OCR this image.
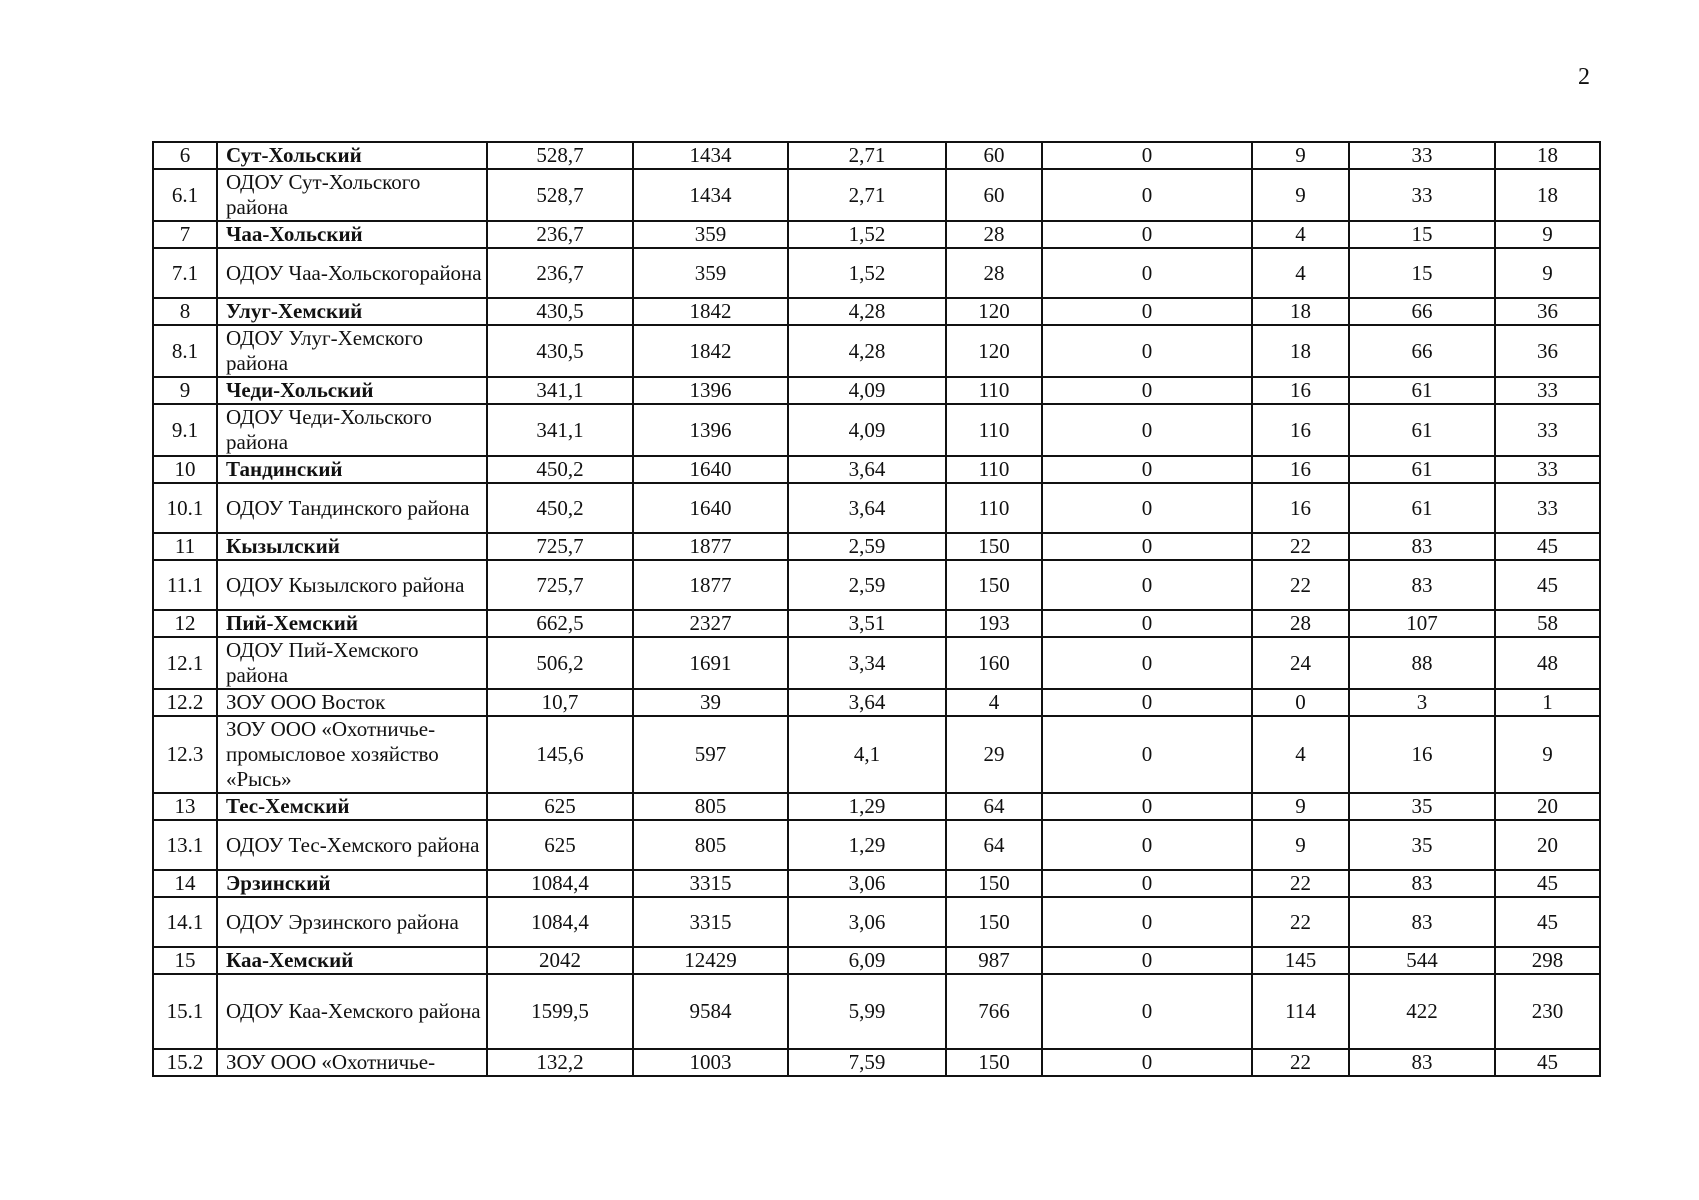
2
6	Сут-Хольский	528,7	1434	2,71	60	0	9	33	18
6.1	ОДОУ Сут-Хольского района	528,7	1434	2,71	60	0	9	33	18
7	Чаа-Хольский	236,7	359	1,52	28	0	4	15	9
7.1	ОДОУ Чаа-Хольскогорайона	236,7	359	1,52	28	0	4	15	9
8	Улуг-Хемский	430,5	1842	4,28	120	0	18	66	36
8.1	ОДОУ Улуг-Хемского района	430,5	1842	4,28	120	0	18	66	36
9	Чеди-Хольский	341,1	1396	4,09	110	0	16	61	33
9.1	ОДОУ Чеди-Хольского района	341,1	1396	4,09	110	0	16	61	33
10	Тандинский	450,2	1640	3,64	110	0	16	61	33
10.1	ОДОУ Тандинского района	450,2	1640	3,64	110	0	16	61	33
11	Кызылский	725,7	1877	2,59	150	0	22	83	45
11.1	ОДОУ Кызылского района	725,7	1877	2,59	150	0	22	83	45
12	Пий-Хемский	662,5	2327	3,51	193	0	28	107	58
12.1	ОДОУ Пий-Хемского района	506,2	1691	3,34	160	0	24	88	48
12.2	ЗОУ ООО Восток	10,7	39	3,64	4	0	0	3	1
12.3	ЗОУ ООО «Охотничье-промысловое хозяйство «Рысь»	145,6	597	4,1	29	0	4	16	9
13	Тес-Хемский	625	805	1,29	64	0	9	35	20
13.1	ОДОУ Тес-Хемского района	625	805	1,29	64	0	9	35	20
14	Эрзинский	1084,4	3315	3,06	150	0	22	83	45
14.1	ОДОУ Эрзинского района	1084,4	3315	3,06	150	0	22	83	45
15	Каа-Хемский	2042	12429	6,09	987	0	145	544	298
15.1	ОДОУ Каа-Хемского района	1599,5	9584	5,99	766	0	114	422	230
15.2	ЗОУ ООО «Охотничье-	132,2	1003	7,59	150	0	22	83	45
